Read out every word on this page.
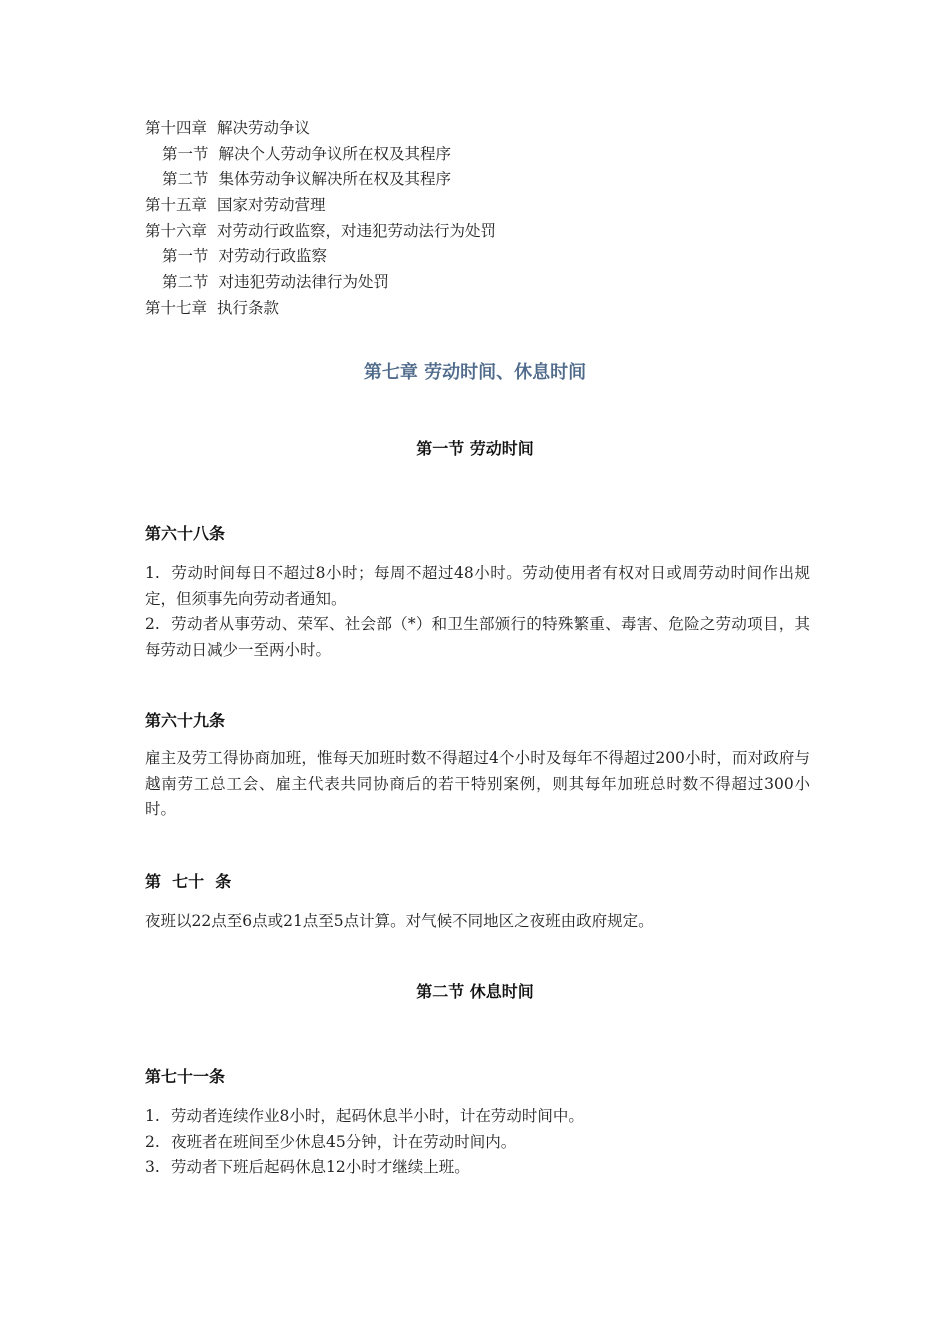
第十四章 解决劳动争议
第一节 解决个人劳动争议所在权及其程序
第二节 集体劳动争议解决所在权及其程序
第十五章 国家对劳动营理
第十六章 对劳动行政监察，对违犯劳动法行为处罚
第一节 对劳动行政监察
第二节 对违犯劳动法律行为处罚
第十七章 执行条款
第七章 劳动时间、休息时间
第一节 劳动时间
第六十八条
1. 劳动时间每日不超过8小时；每周不超过48小时。劳动使用者有权对日或周劳动时间作出规定，但须事先向劳动者通知。
2. 劳动者从事劳动、荣军、社会部（*）和卫生部颁行的特殊繁重、毒害、危险之劳动项目，其每劳动日减少一至两小时。
第六十九条
雇主及劳工得协商加班，惟每天加班时数不得超过4个小时及每年不得超过200小时，而对政府与越南劳工总工会、雇主代表共同协商后的若干特别案例，则其每年加班总时数不得超过300小时。
第  七十  条
夜班以22点至6点或21点至5点计算。对气候不同地区之夜班由政府规定。
第二节 休息时间
第七十一条
1. 劳动者连续作业8小时，起码休息半小时，计在劳动时间中。
2. 夜班者在班间至少休息45分钟，计在劳动时间内。
3. 劳动者下班后起码休息12小时才继续上班。
